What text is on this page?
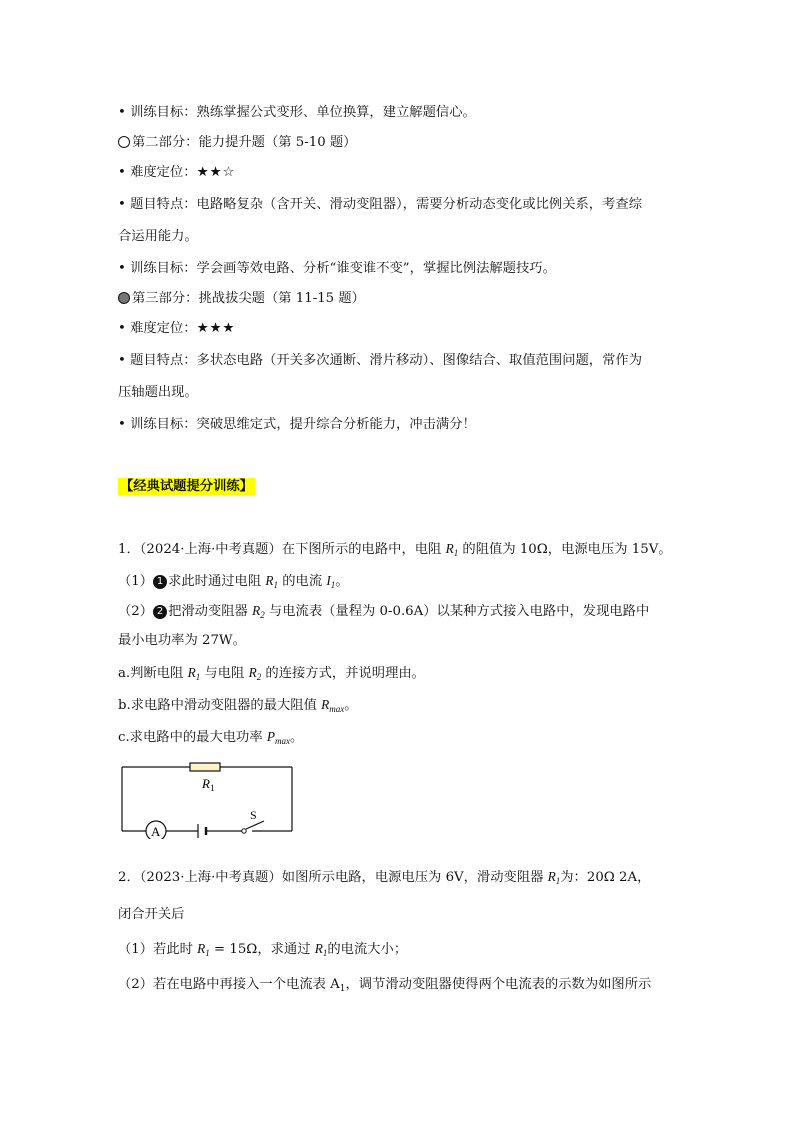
• 训练目标：熟练掌握公式变形、单位换算，建立解题信心。
第二部分：能力提升题（第 5-10 题）
• 难度定位：★★☆
• 题目特点：电路略复杂（含开关、滑动变阻器），需要分析动态变化或比例关系，考查综
合运用能力。
• 训练目标：学会画等效电路、分析“谁变谁不变”，掌握比例法解题技巧。
第三部分：挑战拔尖题（第 11-15 题）
• 难度定位：★★★
• 题目特点：多状态电路（开关多次通断、滑片移动）、图像结合、取值范围问题，常作为
压轴题出现。
• 训练目标：突破思维定式，提升综合分析能力，冲击满分！
【经典试题提分训练】
1．（2024·上海·中考真题）在下图所示的电路中，电阻 $R_1$ 的阻值为 10Ω，电源电压为 15V。
（1） 1 求此时通过电阻 $R_1$ 的电流 $I_1$。
（2） 2 把滑动变阻器 $R_2$ 与电流表（量程为 0-0.6A）以某种方式接入电路中，发现电路中
最小电功率为 27W。
a.判断电阻 $R_1$ 与电阻 $R_2$ 的连接方式，并说明理由。
b.求电路中滑动变阻器的最大阻值 $R_{max}$。
c.求电路中的最大电功率 $P_{max}$。
$R_1$
A
S
2．（2023·上海·中考真题）如图所示电路，电源电压为 6V，滑动变阻器 $R_1$为：20Ω 2A，
闭合开关后
（1）若此时 $R_1 = 15\Omega$，求通过 $R_1$的电流大小；
（2）若在电路中再接入一个电流表 $A_1$，调节滑动变阻器使得两个电流表的示数为如图所示
